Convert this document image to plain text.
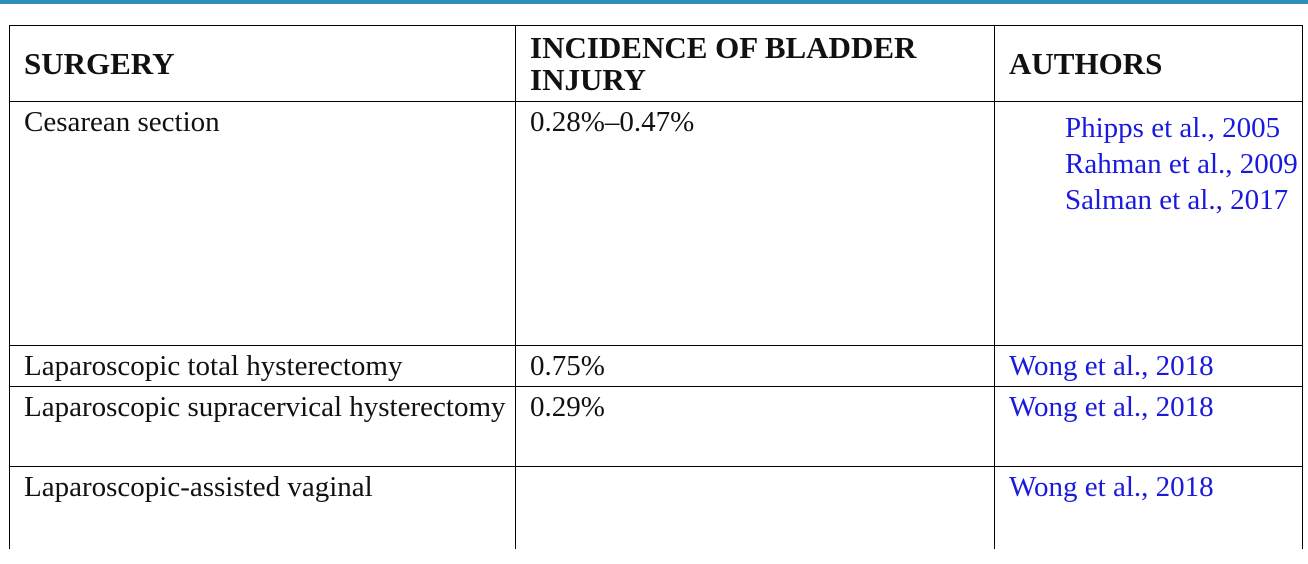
SURGERY	INCIDENCE OF BLADDER INJURY	AUTHORS
Cesarean section	0.28%–0.47%	Phipps et al., 2005
Rahman et al., 2009
Salman et al., 2017

Laparoscopic total hysterectomy	0.75%	Wong et al., 2018

Laparoscopic supracervical hysterectomy	0.29%	Wong et al., 2018

Laparoscopic-assisted vaginal		Wong et al., 2018
